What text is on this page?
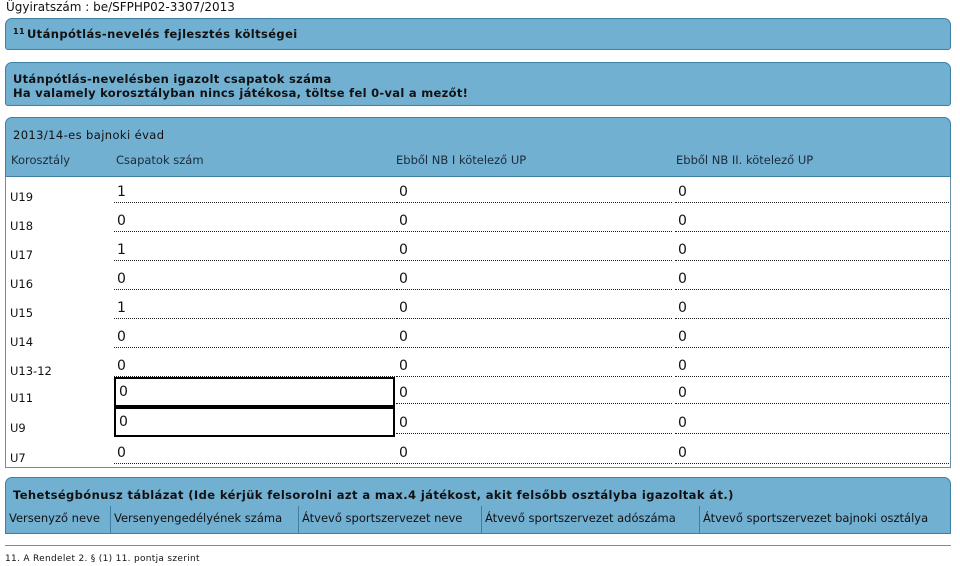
Ügyiratszám : be/SFPHP02-3307/2013
$^{11}$ Utánpótlás-nevelés fejlesztés költségei
Utánpótlás-nevelésben igazolt csapatok száma
Ha valamely korosztályban nincs játékosa, töltse fel 0-val a mezőt!
2013/14-es bajnoki évad
Korosztály	Csapatok szám	Ebből NB I kötelező UP	Ebből NB II. kötelező UP
U19	1	0	0
U18	0	0	0
U17	1	0	0
U16	0	0	0
U15	1	0	0
U14	0	0	0
U13-12	0	0	0
U11	0	0	0
U9	0	0	0
U7	0	0	0
Tehetségbónusz táblázat (Ide kérjük felsorolni azt a max.4 játékost, akit felsőbb osztályba igazoltak át.)
Versenyző neve	Versenyengedélyének száma	Átvevő sportszervezet neve	Átvevő sportszervezet adószáma	Átvevő sportszervezet bajnoki osztálya
11. A Rendelet 2. § (1) 11. pontja szerint
